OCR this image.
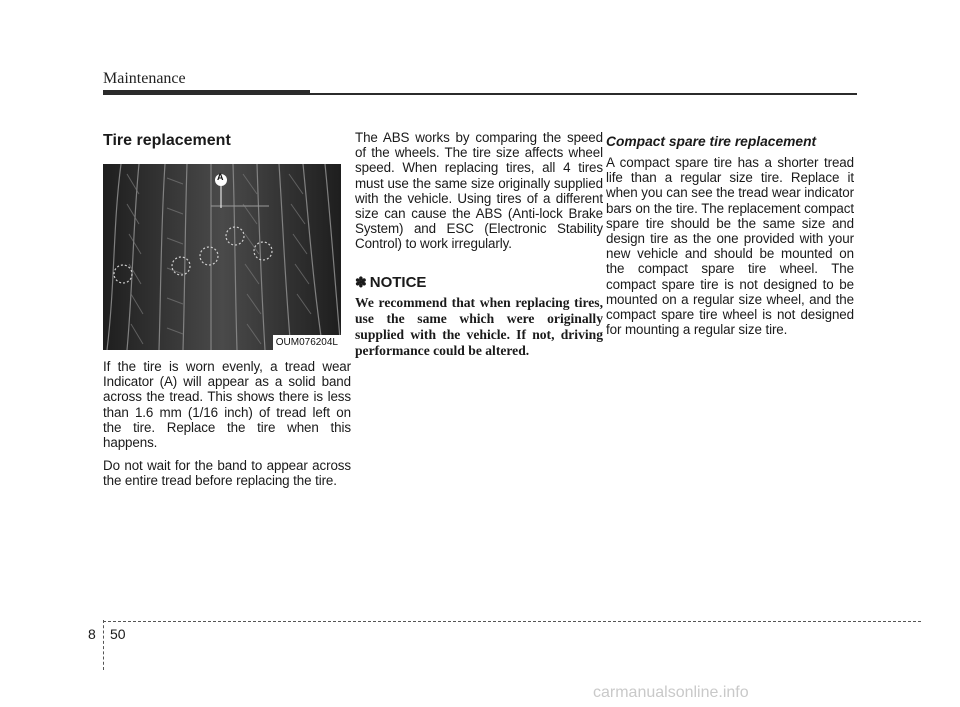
Maintenance
Tire replacement
A
OUM076204L

If the tire is worn evenly, a tread wear Indicator (A) will appear as a solid band across the tread. This shows there is less than 1.6 mm (1/16 inch) of tread left on the tire. Replace the tire when this happens.

Do not wait for the band to appear across the entire tread before replacing the tire.

The ABS works by comparing the speed of the wheels. The tire size affects wheel speed. When replacing tires, all 4 tires must use the same size originally supplied with the vehicle. Using tires of a different size can cause the ABS (Anti-lock Brake System) and ESC (Electronic Stability Control) to work irregularly.

✽ NOTICE

We recommend that when replacing tires, use the same which were originally supplied with the vehicle. If not, driving performance could be altered.

Compact spare tire replacement

A compact spare tire has a shorter tread life than a regular size tire. Replace it when you can see the tread wear indicator bars on the tire. The replacement compact spare tire should be the same size and design tire as the one provided with your new vehicle and should be mounted on the compact spare tire wheel. The compact spare tire is not designed to be mounted on a regular size wheel, and the compact spare tire wheel is not designed for mounting a regular size tire.

8 50
carmanualsonline.info
